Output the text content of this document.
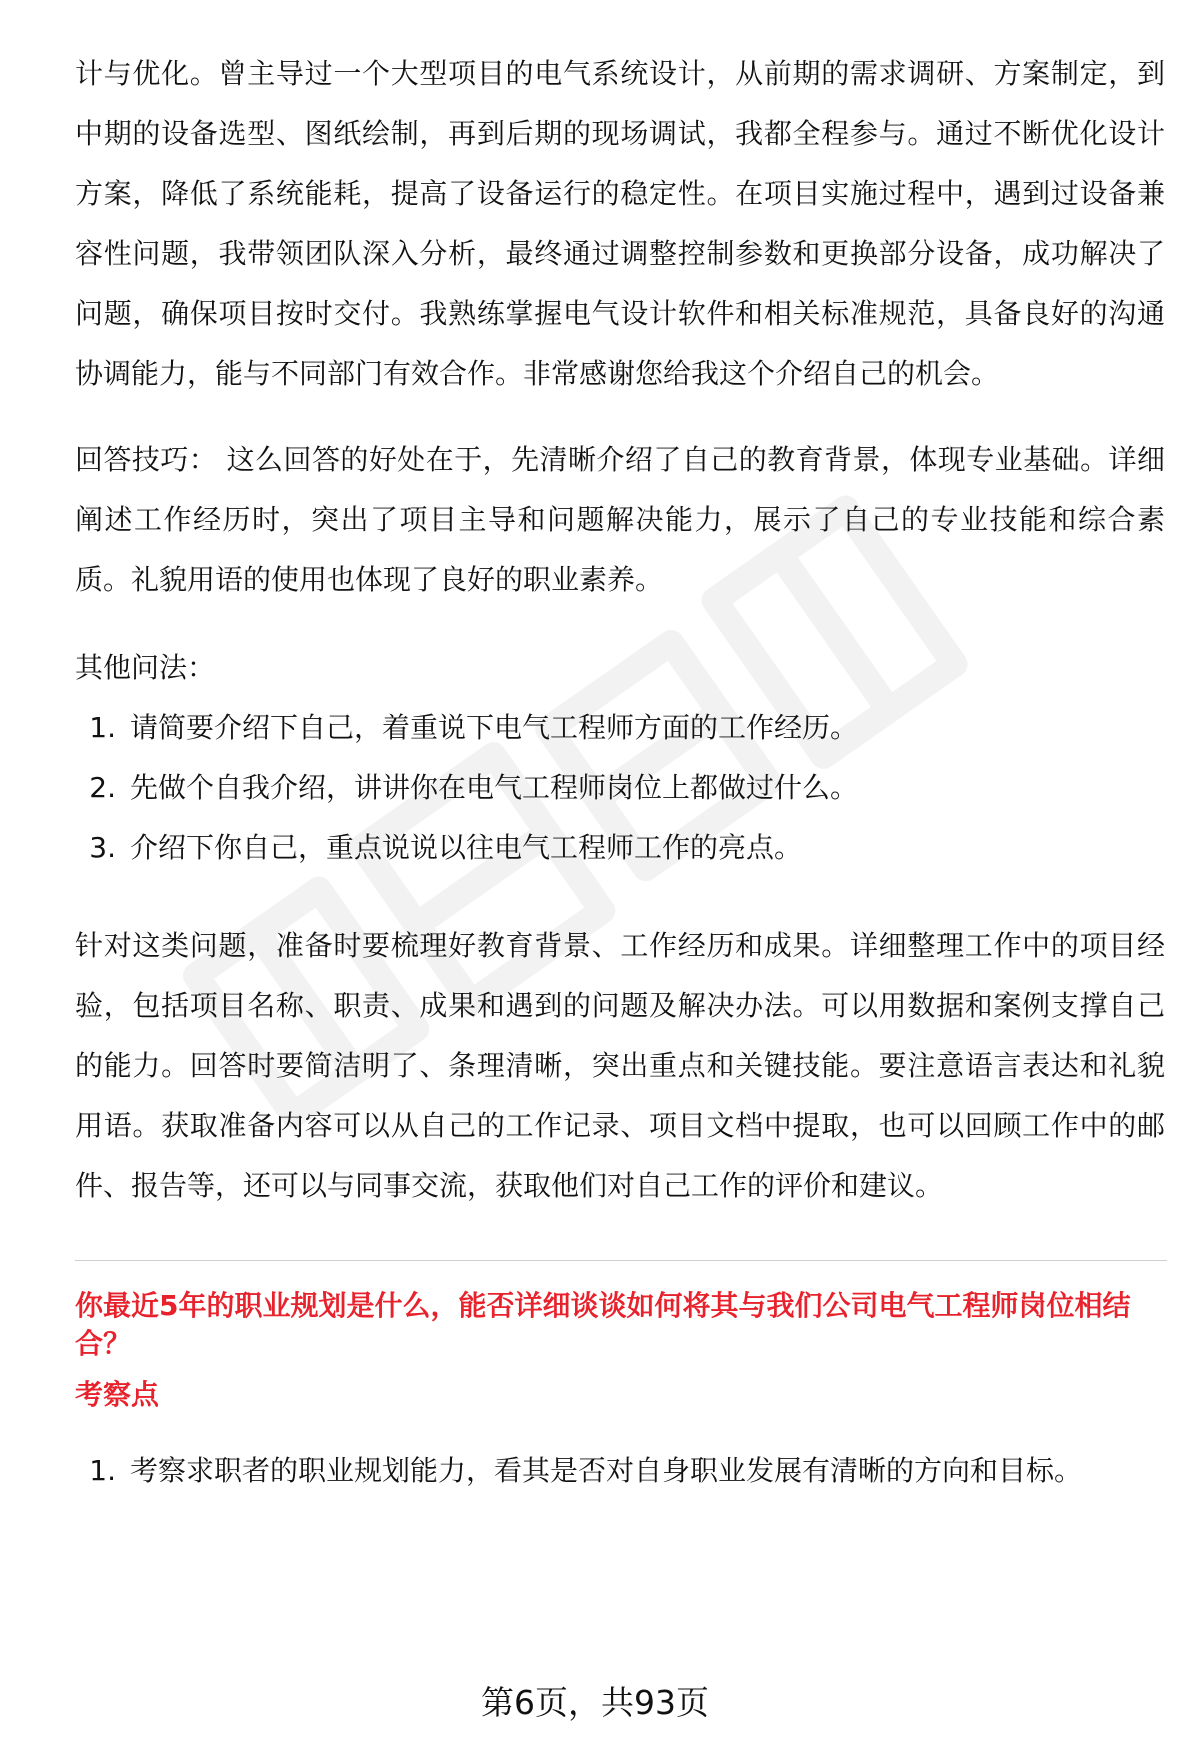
计与优化。曾主导过一个大型项目的电气系统设计，从前期的需求调研、方案制定，到中期的设备选型、图纸绘制，再到后期的现场调试，我都全程参与。通过不断优化设计方案，降低了系统能耗，提高了设备运行的稳定性。在项目实施过程中，遇到过设备兼容性问题，我带领团队深入分析，最终通过调整控制参数和更换部分设备，成功解决了问题，确保项目按时交付。我熟练掌握电气设计软件和相关标准规范，具备良好的沟通协调能力，能与不同部门有效合作。非常感谢您给我这个介绍自己的机会。

回答技巧： 这么回答的好处在于，先清晰介绍了自己的教育背景，体现专业基础。详细阐述工作经历时，突出了项目主导和问题解决能力，展示了自己的专业技能和综合素质。礼貌用语的使用也体现了良好的职业素养。

其他问法：

1. 请简要介绍下自己，着重说下电气工程师方面的工作经历。
2. 先做个自我介绍，讲讲你在电气工程师岗位上都做过什么。
3. 介绍下你自己，重点说说以往电气工程师工作的亮点。

针对这类问题，准备时要梳理好教育背景、工作经历和成果。详细整理工作中的项目经验，包括项目名称、职责、成果和遇到的问题及解决办法。可以用数据和案例支撑自己的能力。回答时要简洁明了、条理清晰，突出重点和关键技能。要注意语言表达和礼貌用语。获取准备内容可以从自己的工作记录、项目文档中提取，也可以回顾工作中的邮件、报告等，还可以与同事交流，获取他们对自己工作的评价和建议。

你最近5年的职业规划是什么，能否详细谈谈如何将其与我们公司电气工程师岗位相结合？
考察点
1. 考察求职者的职业规划能力，看其是否对自身职业发展有清晰的方向和目标。
第6页，共93页
